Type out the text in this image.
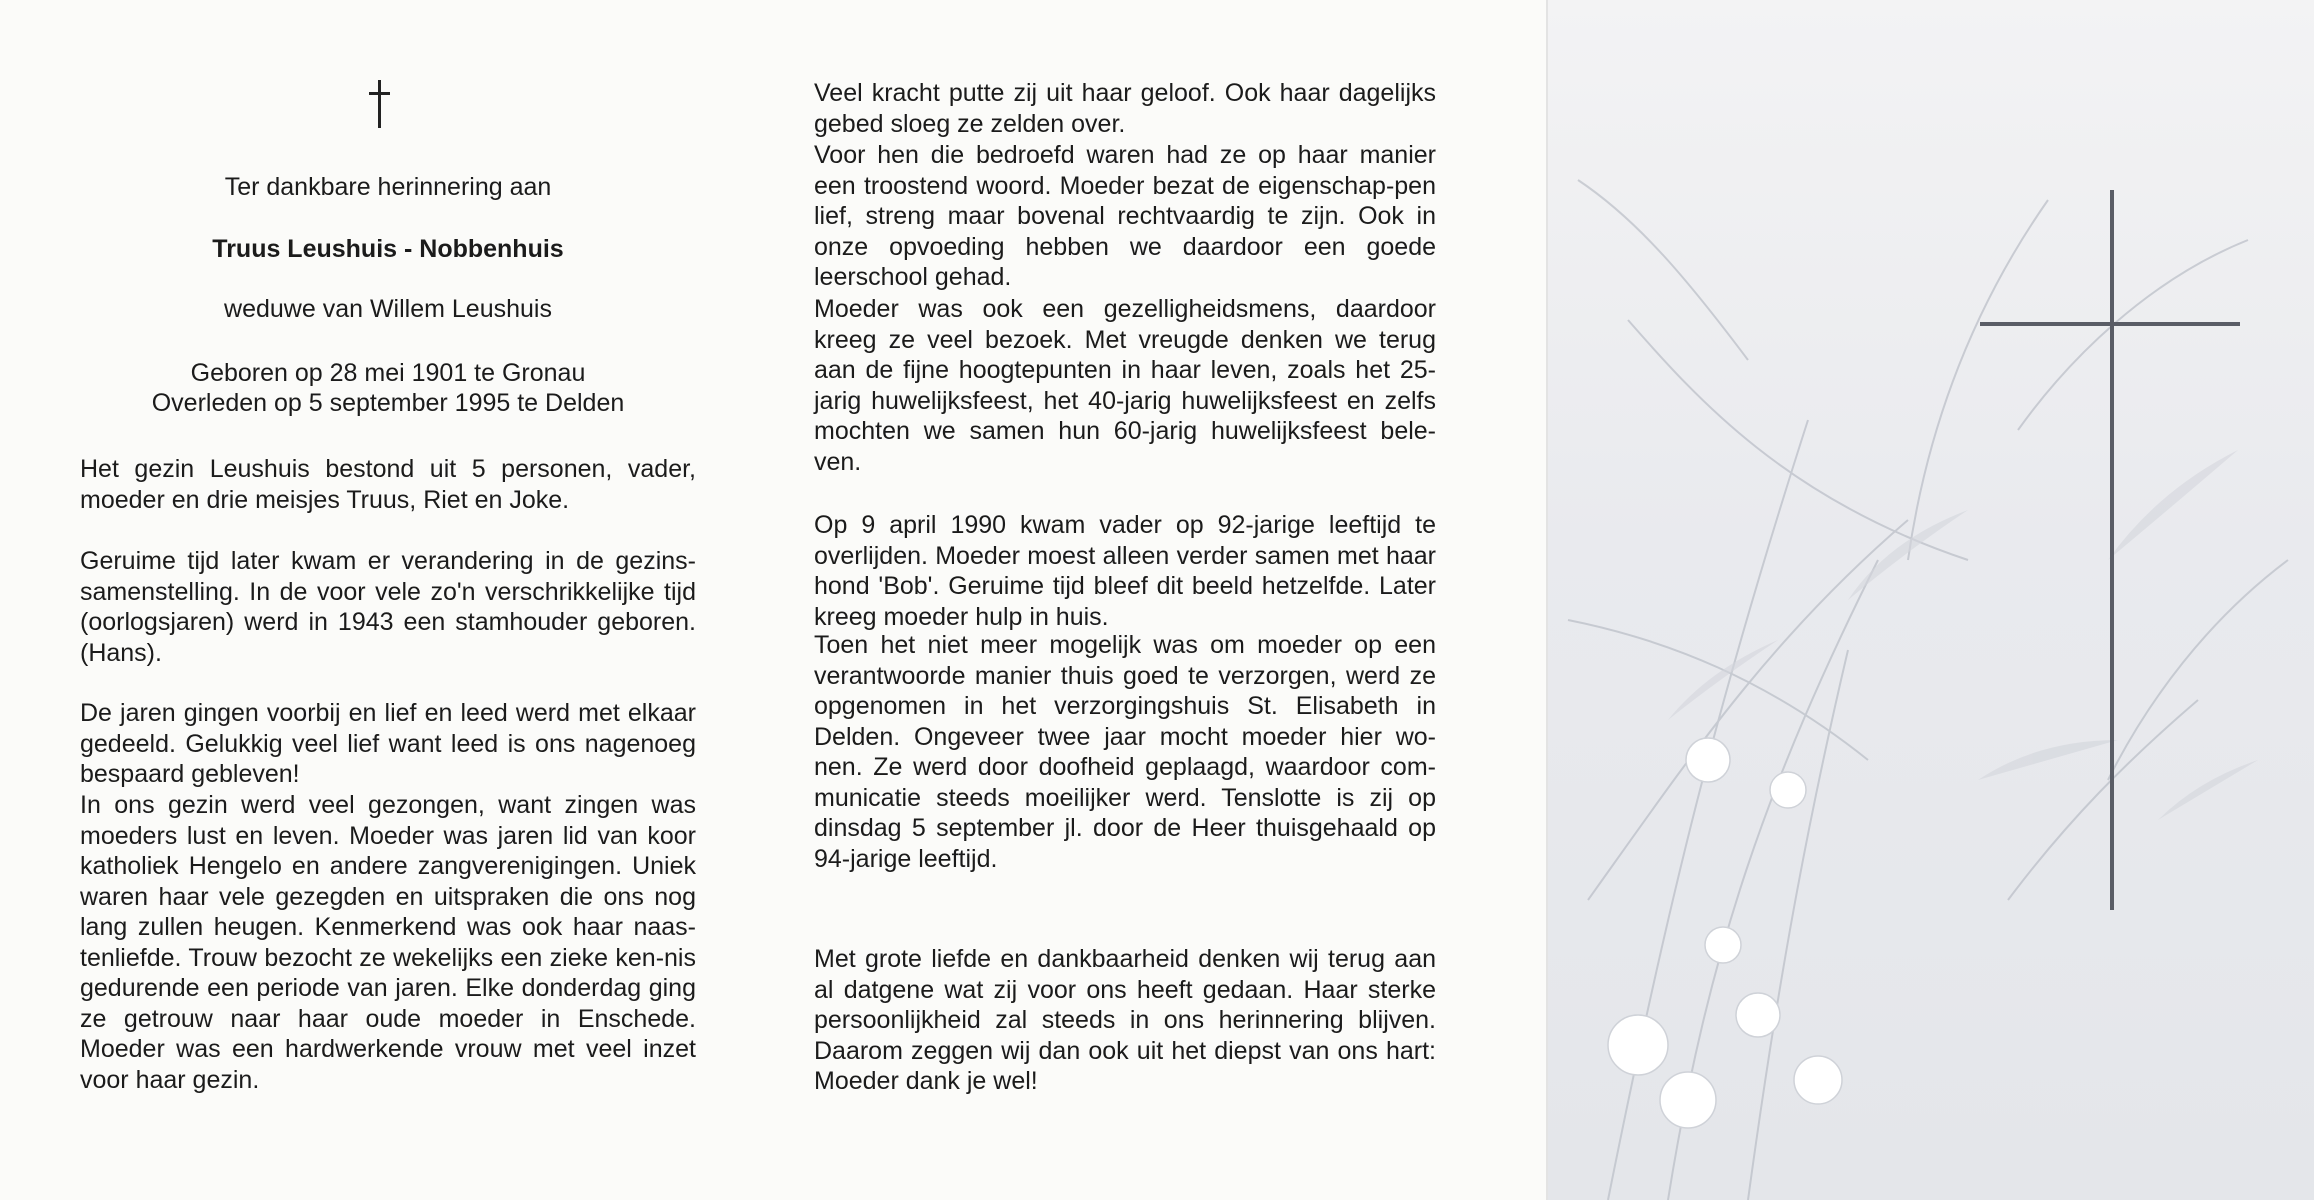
Ter dankbare herinnering aan
Truus Leushuis - Nobbenhuis
weduwe van Willem Leushuis
Geboren op 28 mei 1901 te Gronau
Overleden op 5 september 1995 te Delden

Het gezin Leushuis bestond uit 5 personen, vader, moeder en drie meisjes Truus, Riet en Joke.

Geruime tijd later kwam er verandering in de gezins-samenstelling. In de voor vele zo'n verschrikkelijke tijd (oorlogsjaren) werd in 1943 een stamhouder geboren. (Hans).

De jaren gingen voorbij en lief en leed werd met elkaar gedeeld. Gelukkig veel lief want leed is ons nagenoeg bespaard gebleven!

In ons gezin werd veel gezongen, want zingen was moeders lust en leven. Moeder was jaren lid van koor katholiek Hengelo en andere zangverenigingen. Uniek waren haar vele gezegden en uitspraken die ons nog lang zullen heugen. Kenmerkend was ook haar naas-tenliefde. Trouw bezocht ze wekelijks een zieke ken-nis gedurende een periode van jaren. Elke donderdag ging ze getrouw naar haar oude moeder in Enschede. Moeder was een hardwerkende vrouw met veel inzet voor haar gezin.

Veel kracht putte zij uit haar geloof. Ook haar dagelijks gebed sloeg ze zelden over.

Voor hen die bedroefd waren had ze op haar manier een troostend woord. Moeder bezat de eigenschap-pen lief, streng maar bovenal rechtvaardig te zijn. Ook in onze opvoeding hebben we daardoor een goede leerschool gehad.

Moeder was ook een gezelligheidsmens, daardoor kreeg ze veel bezoek. Met vreugde denken we terug aan de fijne hoogtepunten in haar leven, zoals het 25-jarig huwelijksfeest, het 40-jarig huwelijksfeest en zelfs mochten we samen hun 60-jarig huwelijksfeest bele-ven.

Op 9 april 1990 kwam vader op 92-jarige leeftijd te overlijden. Moeder moest alleen verder samen met haar hond 'Bob'. Geruime tijd bleef dit beeld hetzelfde. Later kreeg moeder hulp in huis.

Toen het niet meer mogelijk was om moeder op een verantwoorde manier thuis goed te verzorgen, werd ze opgenomen in het verzorgingshuis St. Elisabeth in Delden. Ongeveer twee jaar mocht moeder hier wo-nen. Ze werd door doofheid geplaagd, waardoor com-municatie steeds moeilijker werd. Tenslotte is zij op dinsdag 5 september jl. door de Heer thuisgehaald op 94-jarige leeftijd.

Met grote liefde en dankbaarheid denken wij terug aan al datgene wat zij voor ons heeft gedaan. Haar sterke persoonlijkheid zal steeds in ons herinnering blijven. Daarom zeggen wij dan ook uit het diepst van ons hart: Moeder dank je wel!
